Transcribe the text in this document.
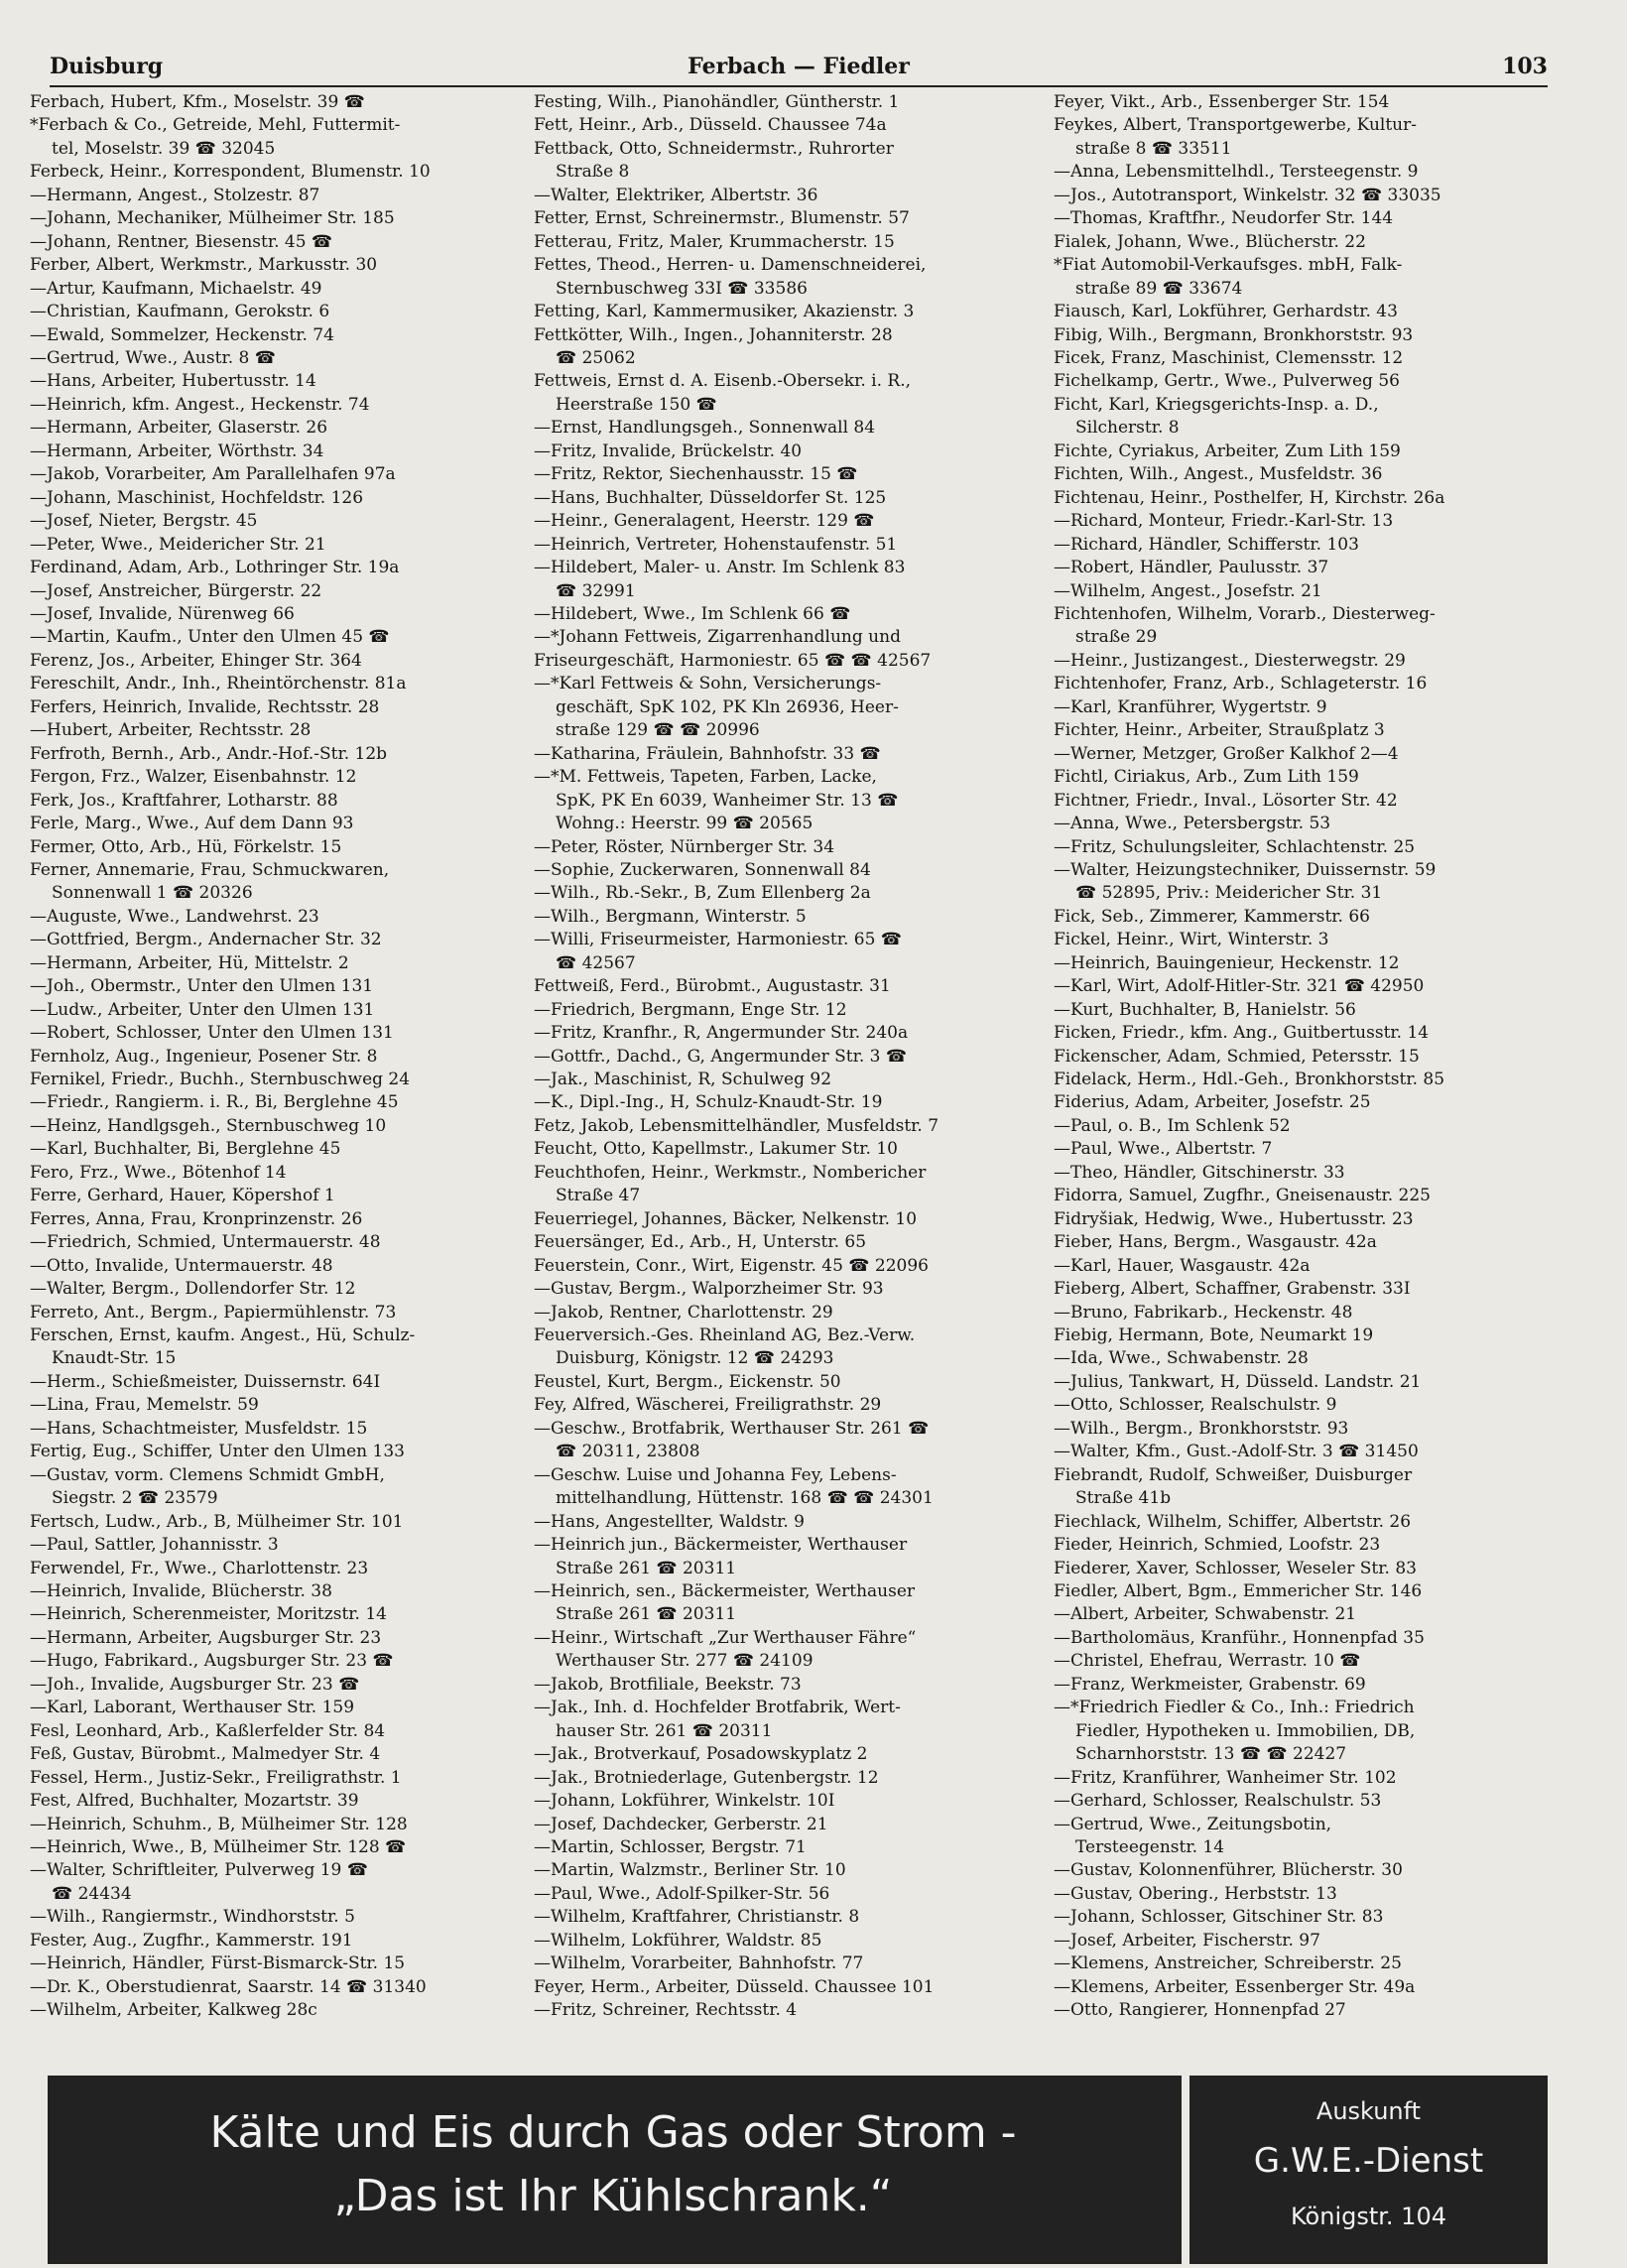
Duisburg	Ferbach — Fiedler	103

Ferbach, Hubert, Kfm., Moselstr. 39 ☎

*Ferbach & Co., Getreide, Mehl, Futtermit-

tel, Moselstr. 39 ☎ 32045

Ferbeck, Heinr., Korrespondent, Blumenstr. 10

—Hermann, Angest., Stolzestr. 87

—Johann, Mechaniker, Mülheimer Str. 185

—Johann, Rentner, Biesenstr. 45 ☎

Ferber, Albert, Werkmstr., Markusstr. 30

—Artur, Kaufmann, Michaelstr. 49

—Christian, Kaufmann, Gerokstr. 6

—Ewald, Sommelzer, Heckenstr. 74

—Gertrud, Wwe., Austr. 8 ☎

—Hans, Arbeiter, Hubertusstr. 14

—Heinrich, kfm. Angest., Heckenstr. 74

—Hermann, Arbeiter, Glaserstr. 26

—Hermann, Arbeiter, Wörthstr. 34

—Jakob, Vorarbeiter, Am Parallelhafen 97a

—Johann, Maschinist, Hochfeldstr. 126

—Josef, Nieter, Bergstr. 45

—Peter, Wwe., Meidericher Str. 21

Ferdinand, Adam, Arb., Lothringer Str. 19a

—Josef, Anstreicher, Bürgerstr. 22

—Josef, Invalide, Nürenweg 66

—Martin, Kaufm., Unter den Ulmen 45 ☎

Ferenz, Jos., Arbeiter, Ehinger Str. 364

Fereschilt, Andr., Inh., Rheintörchenstr. 81a

Ferfers, Heinrich, Invalide, Rechtsstr. 28

—Hubert, Arbeiter, Rechtsstr. 28

Ferfroth, Bernh., Arb., Andr.-Hof.-Str. 12b

Fergon, Frz., Walzer, Eisenbahnstr. 12

Ferk, Jos., Kraftfahrer, Lotharstr. 88

Ferle, Marg., Wwe., Auf dem Dann 93

Fermer, Otto, Arb., Hü, Förkelstr. 15

Ferner, Annemarie, Frau, Schmuckwaren,

Sonnenwall 1 ☎ 20326

—Auguste, Wwe., Landwehrst. 23

—Gottfried, Bergm., Andernacher Str. 32

—Hermann, Arbeiter, Hü, Mittelstr. 2

—Joh., Obermstr., Unter den Ulmen 131

—Ludw., Arbeiter, Unter den Ulmen 131

—Robert, Schlosser, Unter den Ulmen 131

Fernholz, Aug., Ingenieur, Posener Str. 8

Fernikel, Friedr., Buchh., Sternbuschweg 24

—Friedr., Rangierm. i. R., Bi, Berglehne 45

—Heinz, Handlgsgeh., Sternbuschweg 10

—Karl, Buchhalter, Bi, Berglehne 45

Fero, Frz., Wwe., Bötenhof 14

Ferre, Gerhard, Hauer, Köpershof 1

Ferres, Anna, Frau, Kronprinzenstr. 26

—Friedrich, Schmied, Untermauerstr. 48

—Otto, Invalide, Untermauerstr. 48

—Walter, Bergm., Dollendorfer Str. 12

Ferreto, Ant., Bergm., Papiermühlenstr. 73

Ferschen, Ernst, kaufm. Angest., Hü, Schulz-

Knaudt-Str. 15

—Herm., Schießmeister, Duissernstr. 64I

—Lina, Frau, Memelstr. 59

—Hans, Schachtmeister, Musfeldstr. 15

Fertig, Eug., Schiffer, Unter den Ulmen 133

—Gustav, vorm. Clemens Schmidt GmbH,

Siegstr. 2 ☎ 23579

Fertsch, Ludw., Arb., B, Mülheimer Str. 101

—Paul, Sattler, Johannisstr. 3

Ferwendel, Fr., Wwe., Charlottenstr. 23

—Heinrich, Invalide, Blücherstr. 38

—Heinrich, Scherenmeister, Moritzstr. 14

—Hermann, Arbeiter, Augsburger Str. 23

—Hugo, Fabrikard., Augsburger Str. 23 ☎

—Joh., Invalide, Augsburger Str. 23 ☎

—Karl, Laborant, Werthauser Str. 159

Fesl, Leonhard, Arb., Kaßlerfelder Str. 84

Feß, Gustav, Bürobmt., Malmedyer Str. 4

Fessel, Herm., Justiz-Sekr., Freiligrathstr. 1

Fest, Alfred, Buchhalter, Mozartstr. 39

—Heinrich, Schuhm., B, Mülheimer Str. 128

—Heinrich, Wwe., B, Mülheimer Str. 128 ☎

—Walter, Schriftleiter, Pulverweg 19 ☎

☎ 24434

—Wilh., Rangiermstr., Windhorststr. 5

Fester, Aug., Zugfhr., Kammerstr. 191

—Heinrich, Händler, Fürst-Bismarck-Str. 15

—Dr. K., Oberstudienrat, Saarstr. 14 ☎ 31340

—Wilhelm, Arbeiter, Kalkweg 28c

Festing, Wilh., Pianohändler, Güntherstr. 1

Fett, Heinr., Arb., Düsseld. Chaussee 74a

Fettback, Otto, Schneidermstr., Ruhrorter

Straße 8

—Walter, Elektriker, Albertstr. 36

Fetter, Ernst, Schreinermstr., Blumenstr. 57

Fetterau, Fritz, Maler, Krummacherstr. 15

Fettes, Theod., Herren- u. Damenschneiderei,

Sternbuschweg 33I ☎ 33586

Fetting, Karl, Kammermusiker, Akazienstr. 3

Fettkötter, Wilh., Ingen., Johanniterstr. 28

☎ 25062

Fettweis, Ernst d. A. Eisenb.-Obersekr. i. R.,

Heerstraße 150 ☎

—Ernst, Handlungsgeh., Sonnenwall 84

—Fritz, Invalide, Brückelstr. 40

—Fritz, Rektor, Siechenhausstr. 15 ☎

—Hans, Buchhalter, Düsseldorfer St. 125

—Heinr., Generalagent, Heerstr. 129 ☎

—Heinrich, Vertreter, Hohenstaufenstr. 51

—Hildebert, Maler- u. Anstr. Im Schlenk 83

☎ 32991

—Hildebert, Wwe., Im Schlenk 66 ☎

—*Johann Fettweis, Zigarrenhandlung und

Friseurgeschäft, Harmoniestr. 65 ☎ ☎ 42567

—*Karl Fettweis & Sohn, Versicherungs-

geschäft, SpK 102, PK Kln 26936, Heer-

straße 129 ☎ ☎ 20996

—Katharina, Fräulein, Bahnhofstr. 33 ☎

—*M. Fettweis, Tapeten, Farben, Lacke,

SpK, PK En 6039, Wanheimer Str. 13 ☎

Wohng.: Heerstr. 99 ☎ 20565

—Peter, Röster, Nürnberger Str. 34

—Sophie, Zuckerwaren, Sonnenwall 84

—Wilh., Rb.-Sekr., B, Zum Ellenberg 2a

—Wilh., Bergmann, Winterstr. 5

—Willi, Friseurmeister, Harmoniestr. 65 ☎

☎ 42567

Fettweiß, Ferd., Bürobmt., Augustastr. 31

—Friedrich, Bergmann, Enge Str. 12

—Fritz, Kranfhr., R, Angermunder Str. 240a

—Gottfr., Dachd., G, Angermunder Str. 3 ☎

—Jak., Maschinist, R, Schulweg 92

—K., Dipl.-Ing., H, Schulz-Knaudt-Str. 19

Fetz, Jakob, Lebensmittelhändler, Musfeldstr. 7

Feucht, Otto, Kapellmstr., Lakumer Str. 10

Feuchthofen, Heinr., Werkmstr., Nombericher

Straße 47

Feuerriegel, Johannes, Bäcker, Nelkenstr. 10

Feuersänger, Ed., Arb., H, Unterstr. 65

Feuerstein, Conr., Wirt, Eigenstr. 45 ☎ 22096

—Gustav, Bergm., Walporzheimer Str. 93

—Jakob, Rentner, Charlottenstr. 29

Feuerversich.-Ges. Rheinland AG, Bez.-Verw.

Duisburg, Königstr. 12 ☎ 24293

Feustel, Kurt, Bergm., Eickenstr. 50

Fey, Alfred, Wäscherei, Freiligrathstr. 29

—Geschw., Brotfabrik, Werthauser Str. 261 ☎

☎ 20311, 23808

—Geschw. Luise und Johanna Fey, Lebens-

mittelhandlung, Hüttenstr. 168 ☎ ☎ 24301

—Hans, Angestellter, Waldstr. 9

—Heinrich jun., Bäckermeister, Werthauser

Straße 261 ☎ 20311

—Heinrich, sen., Bäckermeister, Werthauser

Straße 261 ☎ 20311

—Heinr., Wirtschaft „Zur Werthauser Fähre“

Werthauser Str. 277 ☎ 24109

—Jakob, Brotfiliale, Beekstr. 73

—Jak., Inh. d. Hochfelder Brotfabrik, Wert-

hauser Str. 261 ☎ 20311

—Jak., Brotverkauf, Posadowskyplatz 2

—Jak., Brotniederlage, Gutenbergstr. 12

—Johann, Lokführer, Winkelstr. 10I

—Josef, Dachdecker, Gerberstr. 21

—Martin, Schlosser, Bergstr. 71

—Martin, Walzmstr., Berliner Str. 10

—Paul, Wwe., Adolf-Spilker-Str. 56

—Wilhelm, Kraftfahrer, Christianstr. 8

—Wilhelm, Lokführer, Waldstr. 85

—Wilhelm, Vorarbeiter, Bahnhofstr. 77

Feyer, Herm., Arbeiter, Düsseld. Chaussee 101

—Fritz, Schreiner, Rechtsstr. 4

Feyer, Vikt., Arb., Essenberger Str. 154

Feykes, Albert, Transportgewerbe, Kultur-

straße 8 ☎ 33511

—Anna, Lebensmittelhdl., Tersteegenstr. 9

—Jos., Autotransport, Winkelstr. 32 ☎ 33035

—Thomas, Kraftfhr., Neudorfer Str. 144

Fialek, Johann, Wwe., Blücherstr. 22

*Fiat Automobil-Verkaufsges. mbH, Falk-

straße 89 ☎ 33674

Fiausch, Karl, Lokführer, Gerhardstr. 43

Fibig, Wilh., Bergmann, Bronkhorststr. 93

Ficek, Franz, Maschinist, Clemensstr. 12

Fichelkamp, Gertr., Wwe., Pulverweg 56

Ficht, Karl, Kriegsgerichts-Insp. a. D.,

Silcherstr. 8

Fichte, Cyriakus, Arbeiter, Zum Lith 159

Fichten, Wilh., Angest., Musfeldstr. 36

Fichtenau, Heinr., Posthelfer, H, Kirchstr. 26a

—Richard, Monteur, Friedr.-Karl-Str. 13

—Richard, Händler, Schifferstr. 103

—Robert, Händler, Paulusstr. 37

—Wilhelm, Angest., Josefstr. 21

Fichtenhofen, Wilhelm, Vorarb., Diesterweg-

straße 29

—Heinr., Justizangest., Diesterwegstr. 29

Fichtenhofer, Franz, Arb., Schlageterstr. 16

—Karl, Kranführer, Wygertstr. 9

Fichter, Heinr., Arbeiter, Straußplatz 3

—Werner, Metzger, Großer Kalkhof 2—4

Fichtl, Ciriakus, Arb., Zum Lith 159

Fichtner, Friedr., Inval., Lösorter Str. 42

—Anna, Wwe., Petersbergstr. 53

—Fritz, Schulungsleiter, Schlachtenstr. 25

—Walter, Heizungstechniker, Duissernstr. 59

☎ 52895, Priv.: Meidericher Str. 31

Fick, Seb., Zimmerer, Kammerstr. 66

Fickel, Heinr., Wirt, Winterstr. 3

—Heinrich, Bauingenieur, Heckenstr. 12

—Karl, Wirt, Adolf-Hitler-Str. 321 ☎ 42950

—Kurt, Buchhalter, B, Hanielstr. 56

Ficken, Friedr., kfm. Ang., Guitbertusstr. 14

Fickenscher, Adam, Schmied, Petersstr. 15

Fidelack, Herm., Hdl.-Geh., Bronkhorststr. 85

Fiderius, Adam, Arbeiter, Josefstr. 25

—Paul, o. B., Im Schlenk 52

—Paul, Wwe., Albertstr. 7

—Theo, Händler, Gitschinerstr. 33

Fidorra, Samuel, Zugfhr., Gneisenaustr. 225

Fidryšiak, Hedwig, Wwe., Hubertusstr. 23

Fieber, Hans, Bergm., Wasgaustr. 42a

—Karl, Hauer, Wasgaustr. 42a

Fieberg, Albert, Schaffner, Grabenstr. 33I

—Bruno, Fabrikarb., Heckenstr. 48

Fiebig, Hermann, Bote, Neumarkt 19

—Ida, Wwe., Schwabenstr. 28

—Julius, Tankwart, H, Düsseld. Landstr. 21

—Otto, Schlosser, Realschulstr. 9

—Wilh., Bergm., Bronkhorststr. 93

—Walter, Kfm., Gust.-Adolf-Str. 3 ☎ 31450

Fiebrandt, Rudolf, Schweißer, Duisburger

Straße 41b

Fiechlack, Wilhelm, Schiffer, Albertstr. 26

Fieder, Heinrich, Schmied, Loofstr. 23

Fiederer, Xaver, Schlosser, Weseler Str. 83

Fiedler, Albert, Bgm., Emmericher Str. 146

—Albert, Arbeiter, Schwabenstr. 21

—Bartholomäus, Kranführ., Honnenpfad 35

—Christel, Ehefrau, Werrastr. 10 ☎

—Franz, Werkmeister, Grabenstr. 69

—*Friedrich Fiedler & Co., Inh.: Friedrich

Fiedler, Hypotheken u. Immobilien, DB,

Scharnhorststr. 13 ☎ ☎ 22427

—Fritz, Kranführer, Wanheimer Str. 102

—Gerhard, Schlosser, Realschulstr. 53

—Gertrud, Wwe., Zeitungsbotin,

Tersteegenstr. 14

—Gustav, Kolonnenführer, Blücherstr. 30

—Gustav, Obering., Herbststr. 13

—Johann, Schlosser, Gitschiner Str. 83

—Josef, Arbeiter, Fischerstr. 97

—Klemens, Anstreicher, Schreiberstr. 25

—Klemens, Arbeiter, Essenberger Str. 49a

—Otto, Rangierer, Honnenpfad 27

Kälte und Eis durch Gas oder Strom -
„Das ist Ihr Kühlschrank.“
Auskunft
G.W.E.-Dienst
Königstr. 104
